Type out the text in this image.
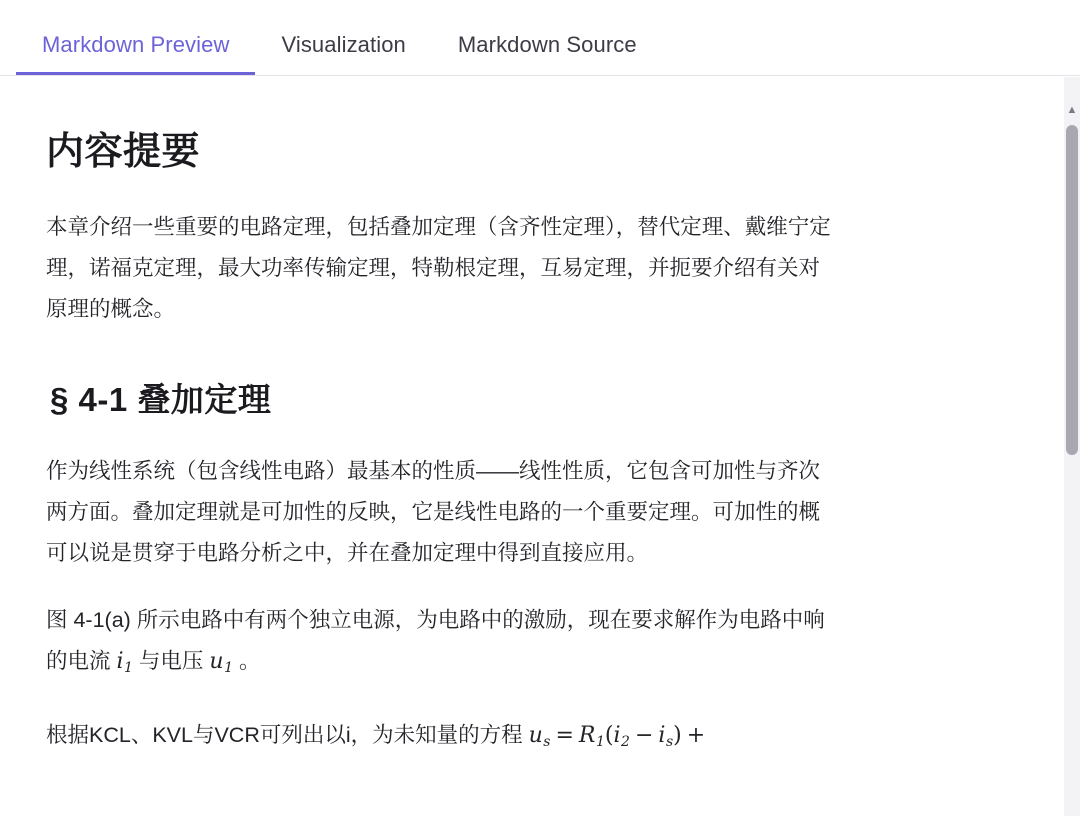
Markdown Preview	Visualization	Markdown Source
内容提要

本章介绍一些重要的电路定理，包括叠加定理（含齐性定理），替代定理、戴维宁定
理，诺福克定理，最大功率传输定理，特勒根定理，互易定理，并扼要介绍有关对
原理的概念。

§ 4-1 叠加定理

作为线性系统（包含线性电路）最基本的性质——线性性质，它包含可加性与齐次
两方面。叠加定理就是可加性的反映，它是线性电路的一个重要定理。可加性的概
可以说是贯穿于电路分析之中，并在叠加定理中得到直接应用。

图 4-1(a) 所示电路中有两个独立电源，为电路中的激励，现在要求解作为电路中响
的电流 $i_1$ 与电压 $u_1$ 。

根据KCL、KVL与VCR可列出以i，为未知量的方程 $u_s = R_1(i_2 - i_s)$ +

▲
